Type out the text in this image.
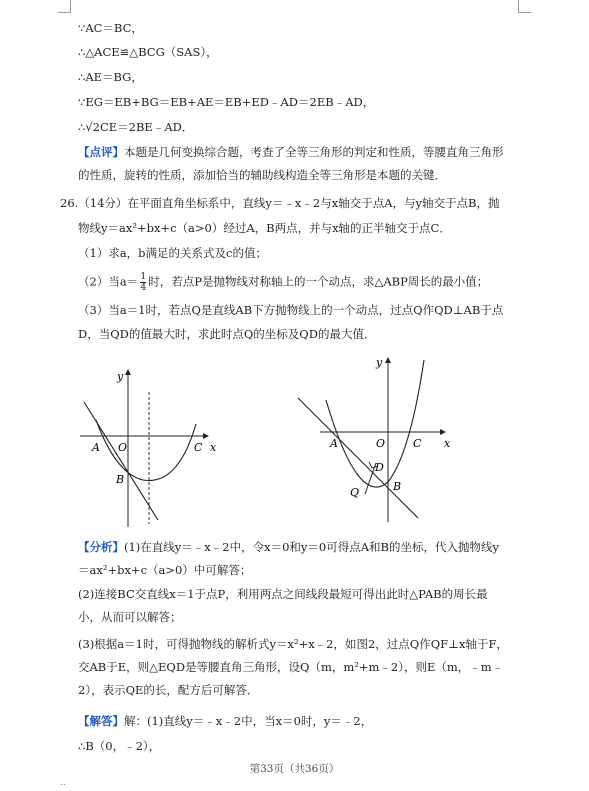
∵AC＝BC，
∴△ACE≌△BCG（SAS），
∴AE＝BG，
∵EG＝EB+BG＝EB+AE＝EB+ED﹣AD＝2EB﹣AD，
∴√2CE＝2BE﹣AD．
【点评】本题是几何变换综合题，考查了全等三角形的判定和性质，等腰直角三角形的性质，旋转的性质，添加恰当的辅助线构造全等三角形是本题的关键．
26.（14分）在平面直角坐标系中，直线y＝﹣x﹣2与x轴交于点A，与y轴交于点B，抛
物线y＝ax²+bx+c（a>0）经过A，B两点，并与x轴的正半轴交于点C．
（1）求a，b满足的关系式及c的值；
（2）当$a= \frac{1}{4}$ 时，若点P是抛物线对称轴上的一个动点，求△ABP周长的最小值；
（3）当a＝1时，若点Q是直线AB下方抛物线上的一个动点，过点Q作QD⊥AB于点
D，当QD的值最大时，求此时点Q的坐标及QD的最大值．
y
x
O
A
B
C
y
x
O
A	C
D
B
Q
【分析】(1)在直线y＝﹣x﹣2中，令x＝0和y＝0可得点A和B的坐标，代入抛物线y＝ax²+bx+c（a>0）中可解答；
(2)连接BC交直线x＝1于点P，利用两点之间线段最短可得出此时△PAB的周长最小，从而可以解答；
(3)根据a＝1时，可得抛物线的解析式y＝x²+x﹣2，如图2，过点Q作QF⊥x轴于F，交AB于E，则△EQD是等腰直角三角形，设Q（m，m²+m﹣2），则E（m，﹣m﹣2），表示QE的长，配方后可解答．
【解答】解：(1)直线y＝﹣x﹣2中，当x＝0时，y＝﹣2，
∴B（0，﹣2），
第33页（共36页）
..
